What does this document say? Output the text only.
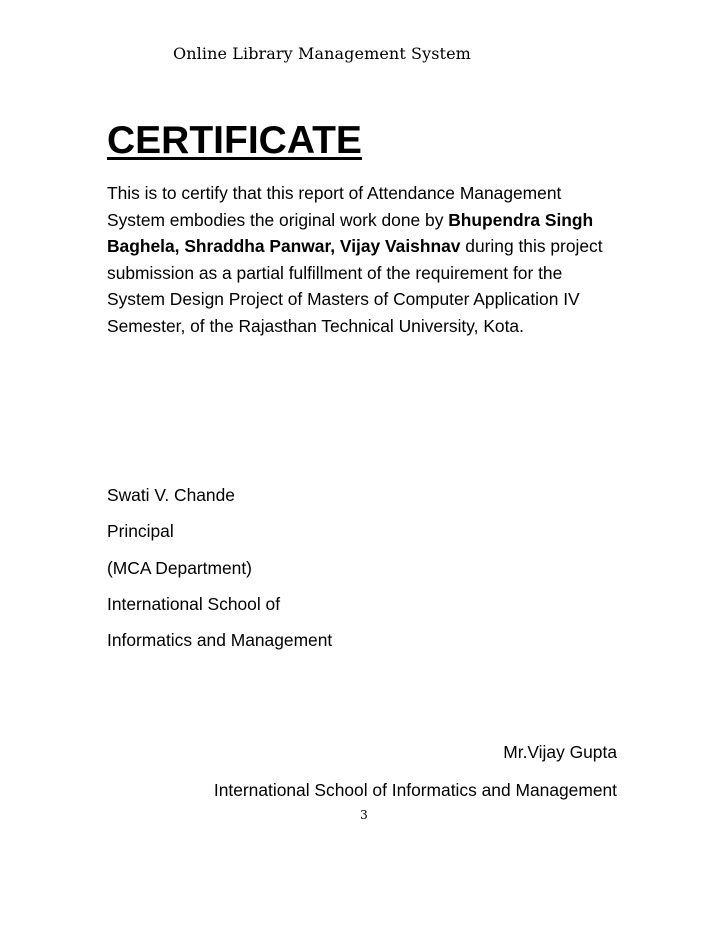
Online Library Management System
CERTIFICATE
This is to certify that this report of Attendance Management System embodies the original work done by Bhupendra Singh Baghela, Shraddha Panwar, Vijay Vaishnav during this project submission as a partial fulfillment of the requirement for the System Design Project of Masters of Computer Application IV Semester, of the Rajasthan Technical University, Kota.
Swati V. Chande
Principal
(MCA Department)
International School of
Informatics and Management
Mr.Vijay Gupta
International School of Informatics and Management
3
